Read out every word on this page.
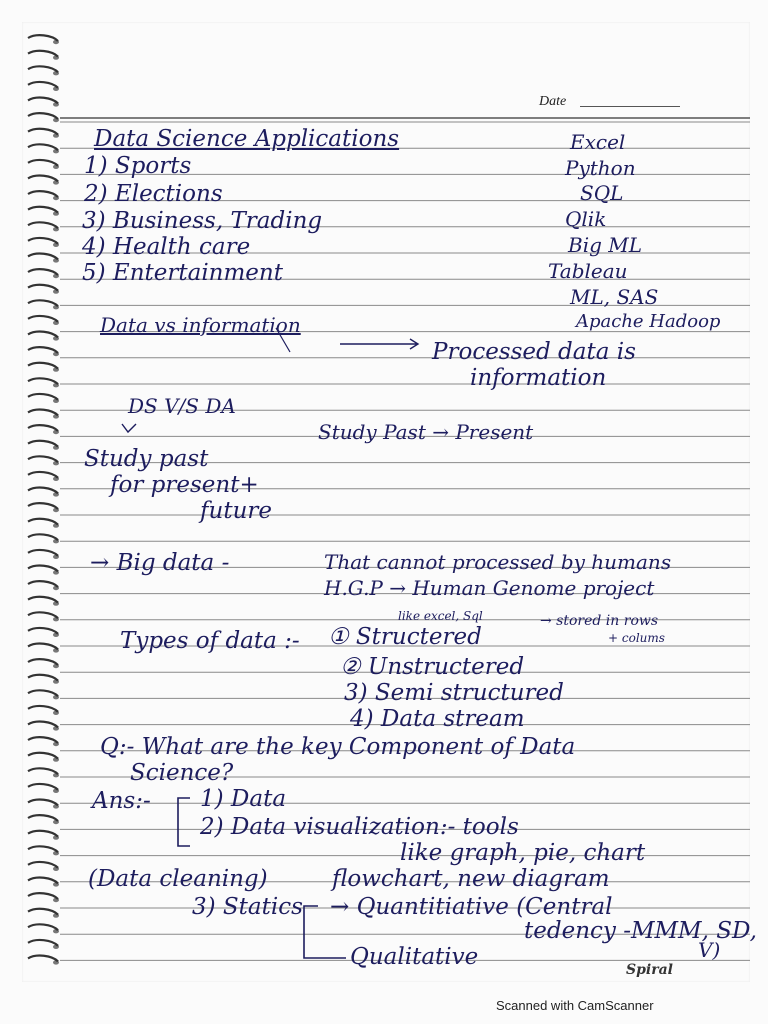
Date
Data Science Applications
1) Sports
2) Elections
3) Business, Trading
4) Health care
5) Entertainment
Excel
Python
SQL
Qlik
Big ML
Tableau
ML, SAS
Apache Hadoop
Data vs information
Processed data is
information
DS V/S DA
Study Past → Present
Study past
for present+
future
→ Big data -	That cannot processed by humans
H.G.P → Human Genome project
like excel, Sql
Types of data :- ① Structered
→ stored in rows
+ colums
② Unstructered
3) Semi structured
4) Data stream
Q:- What are the key Component of Data
Science?
Ans:- 1) Data
2) Data visualization:- tools
like graph, pie, chart
(Data cleaning)	flowchart, new diagram
3) Statics → Quantitiative (Central
tedency -MMM, SD,
V)
Qualitative	Spiral
Scanned with CamScanner
